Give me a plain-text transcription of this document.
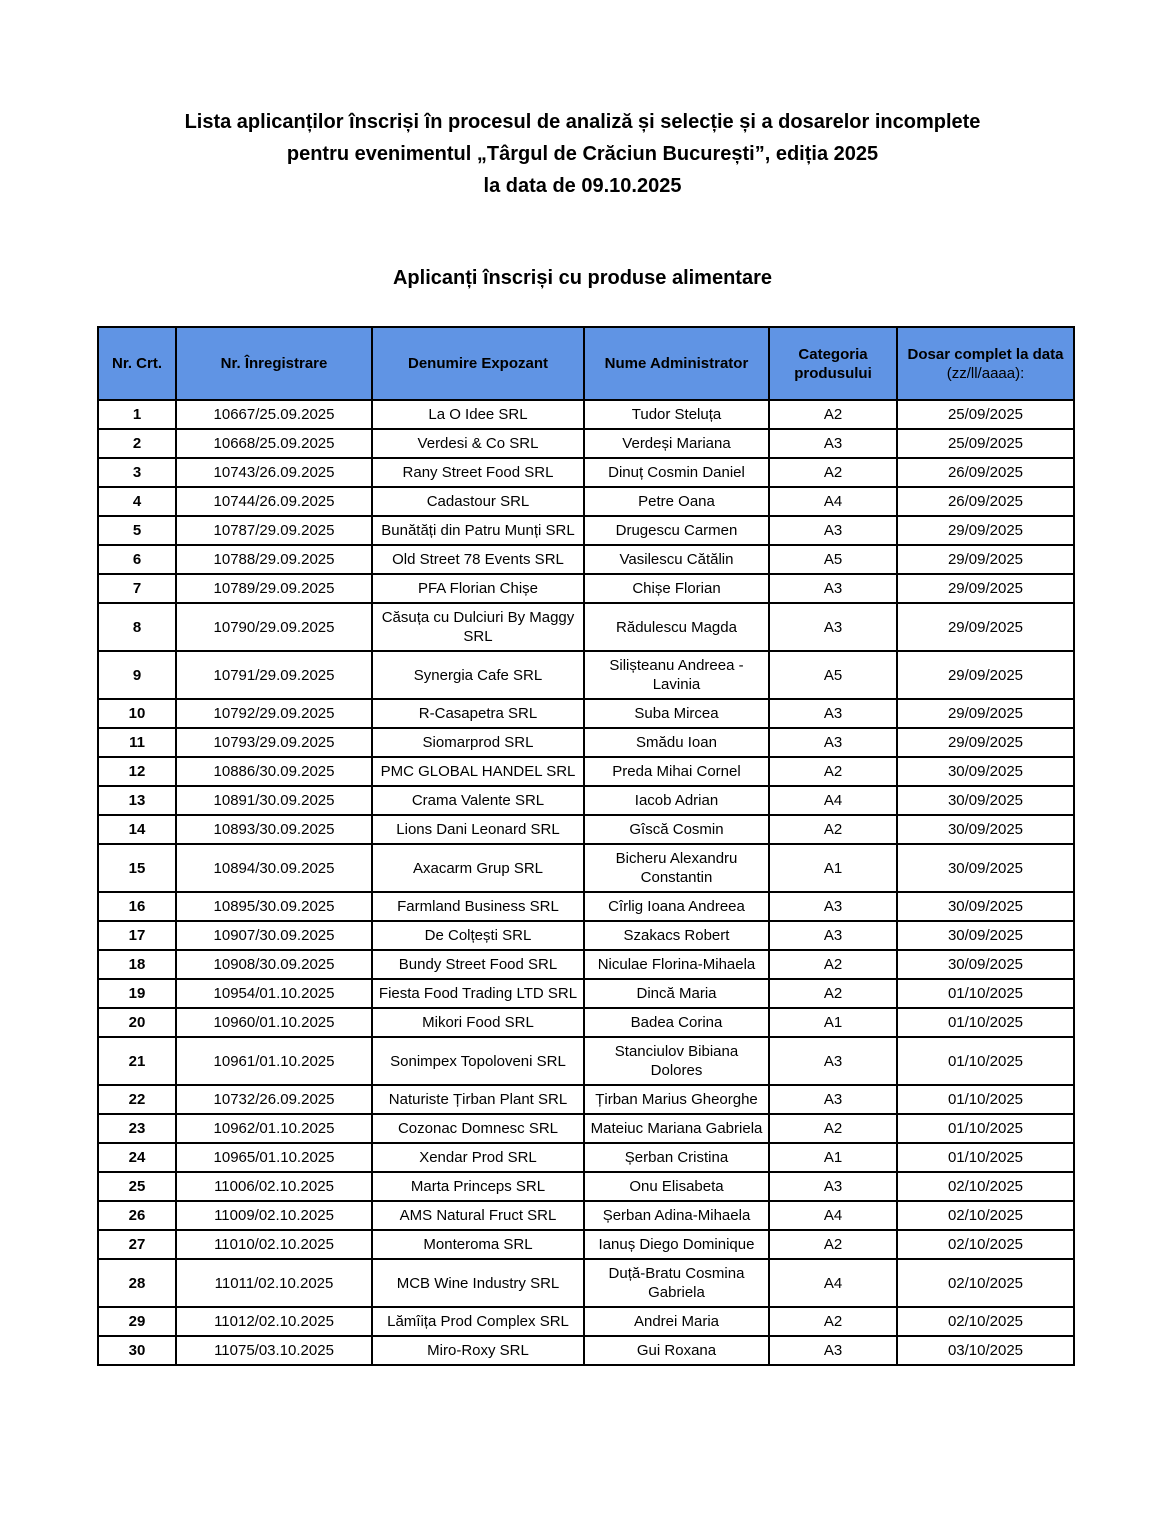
Lista aplicanților înscriși în procesul de analiză și selecție și a dosarelor incomplete
pentru evenimentul „Târgul de Crăciun București”, ediția 2025
la data de 09.10.2025
Aplicanți înscriși cu produse alimentare
Nr. Crt.	Nr. Înregistrare	Denumire Expozant	Nume Administrator	Categoria produsului	Dosar complet la data
(zz/ll/aaaa):

1	10667/25.09.2025	La O Idee SRL	Tudor Steluța	A2	25/09/2025
2	10668/25.09.2025	Verdesi & Co SRL	Verdeși Mariana	A3	25/09/2025
3	10743/26.09.2025	Rany Street Food SRL	Dinuț Cosmin Daniel	A2	26/09/2025
4	10744/26.09.2025	Cadastour SRL	Petre Oana	A4	26/09/2025
5	10787/29.09.2025	Bunătăți din Patru Munți SRL	Drugescu Carmen	A3	29/09/2025
6	10788/29.09.2025	Old Street 78 Events SRL	Vasilescu Cătălin	A5	29/09/2025
7	10789/29.09.2025	PFA Florian Chișe	Chișe Florian	A3	29/09/2025
8	10790/29.09.2025	Căsuța cu Dulciuri By Maggy SRL	Rădulescu Magda	A3	29/09/2025
9	10791/29.09.2025	Synergia Cafe SRL	Silișteanu Andreea - Lavinia	A5	29/09/2025
10	10792/29.09.2025	R-Casapetra SRL	Suba Mircea	A3	29/09/2025
11	10793/29.09.2025	Siomarprod SRL	Smădu Ioan	A3	29/09/2025
12	10886/30.09.2025	PMC GLOBAL HANDEL SRL	Preda Mihai Cornel	A2	30/09/2025
13	10891/30.09.2025	Crama Valente SRL	Iacob Adrian	A4	30/09/2025
14	10893/30.09.2025	Lions Dani Leonard SRL	Gîscă Cosmin	A2	30/09/2025
15	10894/30.09.2025	Axacarm Grup SRL	Bicheru Alexandru Constantin	A1	30/09/2025
16	10895/30.09.2025	Farmland Business SRL	Cîrlig Ioana Andreea	A3	30/09/2025
17	10907/30.09.2025	De Colțești SRL	Szakacs Robert	A3	30/09/2025
18	10908/30.09.2025	Bundy Street Food SRL	Niculae Florina-Mihaela	A2	30/09/2025
19	10954/01.10.2025	Fiesta Food Trading LTD SRL	Dincă Maria	A2	01/10/2025
20	10960/01.10.2025	Mikori Food SRL	Badea Corina	A1	01/10/2025
21	10961/01.10.2025	Sonimpex Topoloveni SRL	Stanciulov Bibiana Dolores	A3	01/10/2025
22	10732/26.09.2025	Naturiste Țirban Plant SRL	Țirban Marius Gheorghe	A3	01/10/2025
23	10962/01.10.2025	Cozonac Domnesc SRL	Mateiuc Mariana Gabriela	A2	01/10/2025
24	10965/01.10.2025	Xendar Prod SRL	Șerban Cristina	A1	01/10/2025
25	11006/02.10.2025	Marta Princeps SRL	Onu Elisabeta	A3	02/10/2025
26	11009/02.10.2025	AMS Natural Fruct SRL	Șerban Adina-Mihaela	A4	02/10/2025
27	11010/02.10.2025	Monteroma SRL	Ianuș Diego Dominique	A2	02/10/2025
28	11011/02.10.2025	MCB Wine Industry SRL	Duță-Bratu Cosmina Gabriela	A4	02/10/2025
29	11012/02.10.2025	Lămîița Prod Complex SRL	Andrei Maria	A2	02/10/2025
30	11075/03.10.2025	Miro-Roxy SRL	Gui Roxana	A3	03/10/2025
